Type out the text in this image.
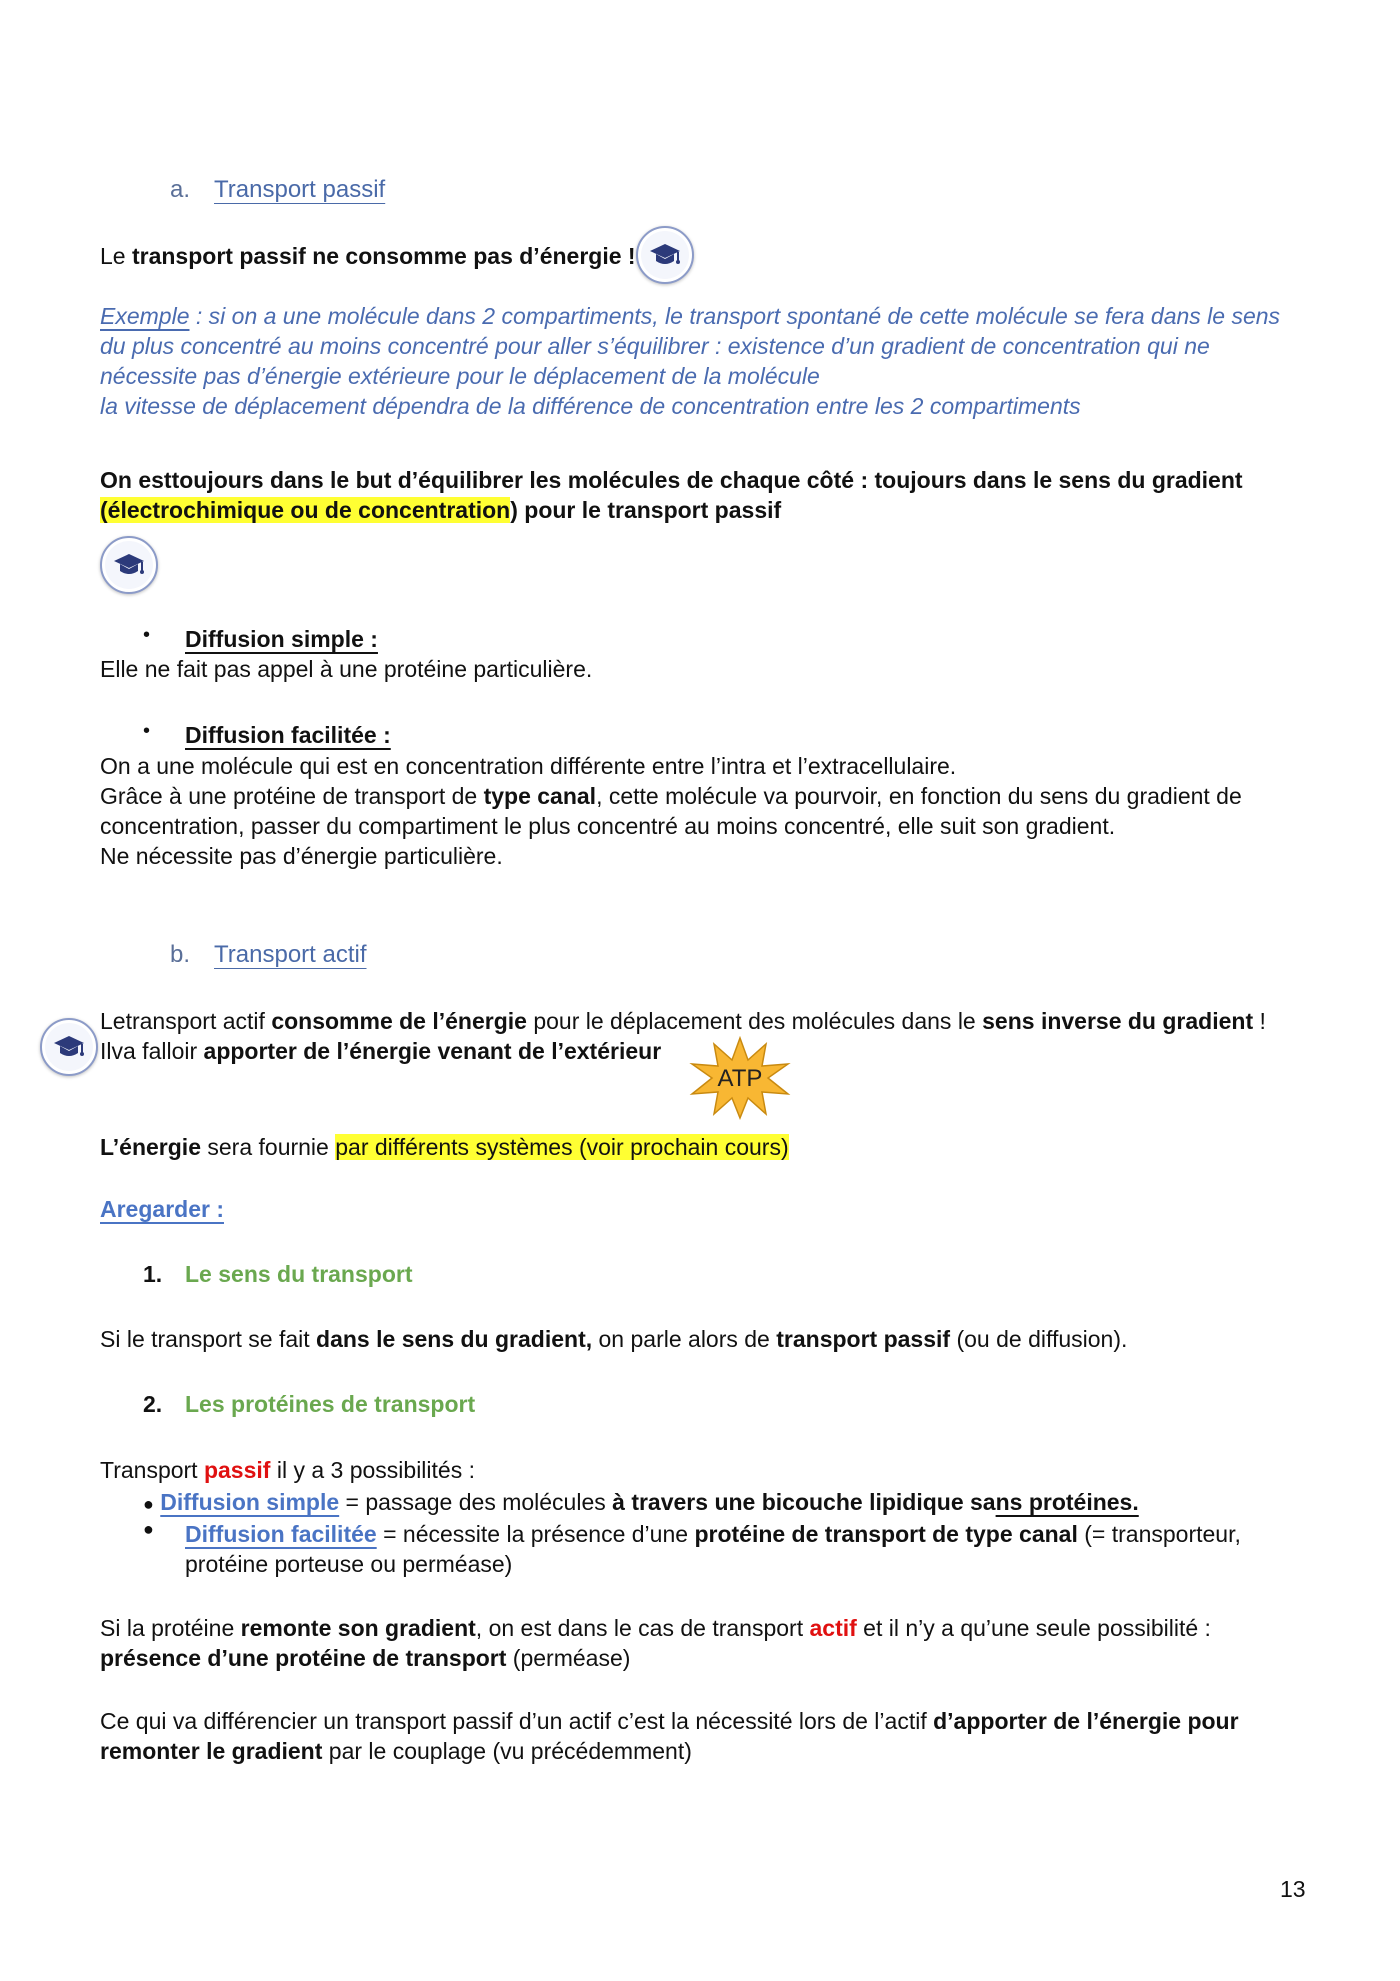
a. Transport passif

Le transport passif ne consomme pas d’énergie !

Exemple : si on a une molécule dans 2 compartiments, le transport spontané de cette molécule se fera dans le sens
du plus concentré au moins concentré pour aller s’équilibrer : existence d’un gradient de concentration qui ne
nécessite pas d’énergie extérieure pour le déplacement de la molécule
la vitesse de déplacement dépendra de la différence de concentration entre les 2 compartiments
On esttoujours dans le but d’équilibrer les molécules de chaque côté : toujours dans le sens du gradient
(électrochimique ou de concentration) pour le transport passif
• Diffusion simple :

Elle ne fait pas appel à une protéine particulière.

• Diffusion facilitée :
On a une molécule qui est en concentration différente entre l’intra et l’extracellulaire.
Grâce à une protéine de transport de type canal, cette molécule va pourvoir, en fonction du sens du gradient de
concentration, passer du compartiment le plus concentré au moins concentré, elle suit son gradient.
Ne nécessite pas d’énergie particulière.
b. Transport actif
Letransport actif consomme de l’énergie pour le déplacement des molécules dans le sens inverse du gradient !
Ilva falloir apporter de l’énergie venant de l’extérieur
ATP

L’énergie sera fournie par différents systèmes (voir prochain cours)

Aregarder :

1. Le sens du transport

Si le transport se fait dans le sens du gradient, on parle alors de transport passif (ou de diffusion).

2. Les protéines de transport

Transport passif il y a 3 possibilités :

● Diffusion simple = passage des molécules à travers une bicouche lipidique sans protéines.
● Diffusion facilitée = nécessite la présence d’une protéine de transport de type canal (= transporteur,
protéine porteuse ou perméase)
Si la protéine remonte son gradient, on est dans le cas de transport actif et il n’y a qu’une seule possibilité :
présence d’une protéine de transport (perméase)
Ce qui va différencier un transport passif d’un actif c’est la nécessité lors de l’actif d’apporter de l’énergie pour
remonter le gradient par le couplage (vu précédemment)
13
